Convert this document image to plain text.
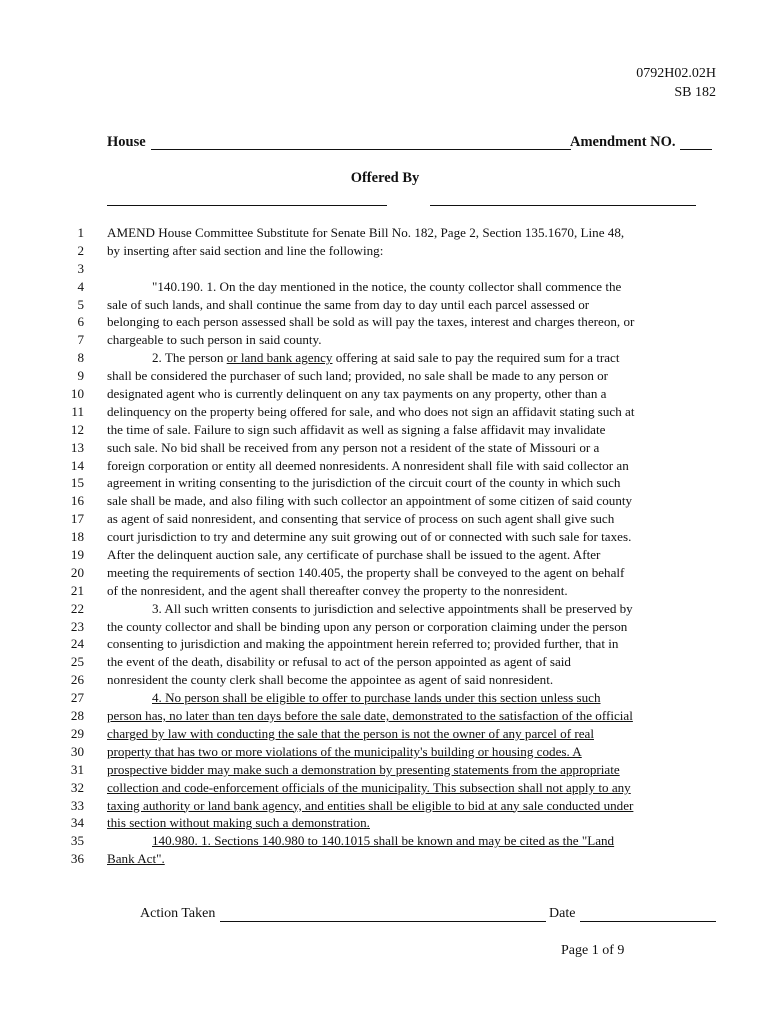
0792H02.02H
SB 182
House	Amendment NO.
Offered By
1 AMEND House Committee Substitute for Senate Bill No. 182, Page 2, Section 135.1670, Line 48,
2 by inserting after said section and line the following:
3
4	"140.190. 1. On the day mentioned in the notice, the county collector shall commence the
5 sale of such lands, and shall continue the same from day to day until each parcel assessed or
6 belonging to each person assessed shall be sold as will pay the taxes, interest and charges thereon, or
7 chargeable to such person in said county.
8	2. The person or land bank agency offering at said sale to pay the required sum for a tract
9 shall be considered the purchaser of such land; provided, no sale shall be made to any person or
10 designated agent who is currently delinquent on any tax payments on any property, other than a
11 delinquency on the property being offered for sale, and who does not sign an affidavit stating such at
12 the time of sale. Failure to sign such affidavit as well as signing a false affidavit may invalidate
13 such sale. No bid shall be received from any person not a resident of the state of Missouri or a
14 foreign corporation or entity all deemed nonresidents. A nonresident shall file with said collector an
15 agreement in writing consenting to the jurisdiction of the circuit court of the county in which such
16 sale shall be made, and also filing with such collector an appointment of some citizen of said county
17 as agent of said nonresident, and consenting that service of process on such agent shall give such
18 court jurisdiction to try and determine any suit growing out of or connected with such sale for taxes.
19 After the delinquent auction sale, any certificate of purchase shall be issued to the agent. After
20 meeting the requirements of section 140.405, the property shall be conveyed to the agent on behalf
21 of the nonresident, and the agent shall thereafter convey the property to the nonresident.
22	3. All such written consents to jurisdiction and selective appointments shall be preserved by
23 the county collector and shall be binding upon any person or corporation claiming under the person
24 consenting to jurisdiction and making the appointment herein referred to; provided further, that in
25 the event of the death, disability or refusal to act of the person appointed as agent of said
26 nonresident the county clerk shall become the appointee as agent of said nonresident.
27	4. No person shall be eligible to offer to purchase lands under this section unless such
28 person has, no later than ten days before the sale date, demonstrated to the satisfaction of the official
29 charged by law with conducting the sale that the person is not the owner of any parcel of real
30 property that has two or more violations of the municipality's building or housing codes. A
31 prospective bidder may make such a demonstration by presenting statements from the appropriate
32 collection and code-enforcement officials of the municipality. This subsection shall not apply to any
33 taxing authority or land bank agency, and entities shall be eligible to bid at any sale conducted under
34 this section without making such a demonstration.
35	140.980. 1. Sections 140.980 to 140.1015 shall be known and may be cited as the "Land
36 Bank Act".
Action Taken	Date
Page 1 of 9
